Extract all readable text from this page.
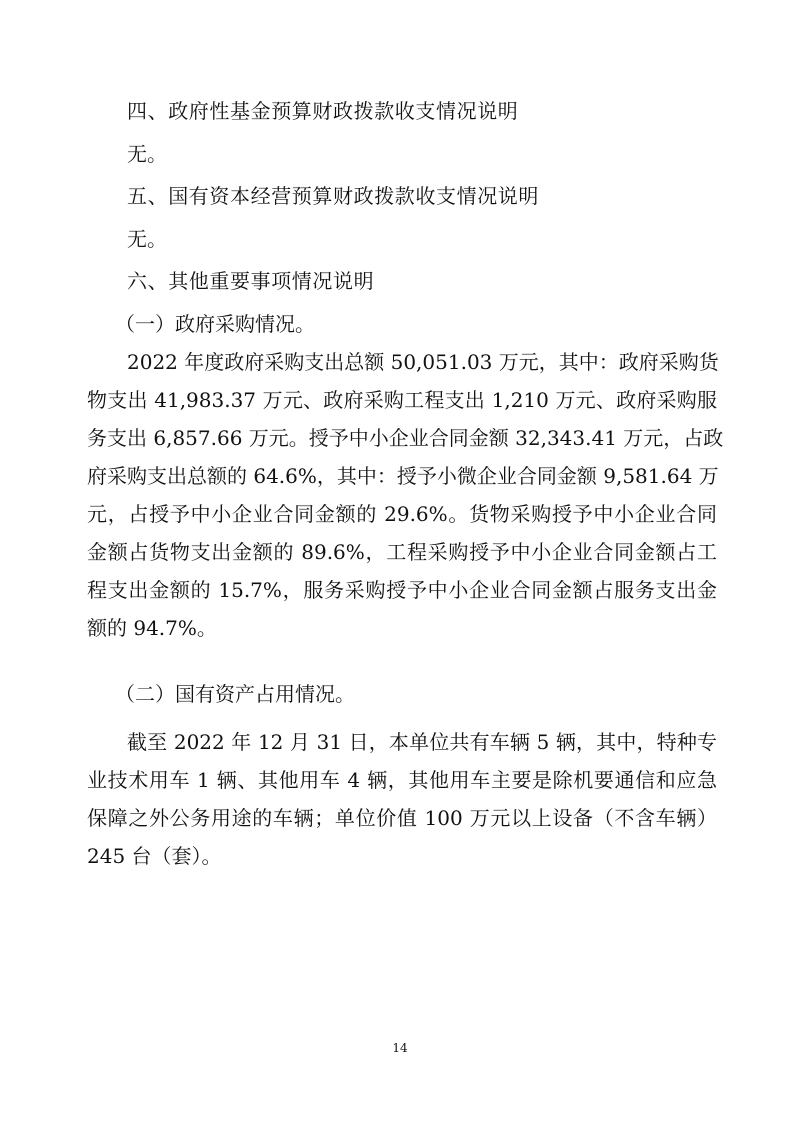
四、政府性基金预算财政拨款收支情况说明

无。

五、国有资本经营预算财政拨款收支情况说明

无。

六、其他重要事项情况说明

（一）政府采购情况。

2022 年度政府采购支出总额 50,051.03 万元，其中：政府采购货

物支出 41,983.37 万元、政府采购工程支出 1,210 万元、政府采购服

务支出 6,857.66 万元。授予中小企业合同金额 32,343.41 万元，占政

府采购支出总额的 64.6%，其中：授予小微企业合同金额 9,581.64 万

元，占授予中小企业合同金额的 29.6%。货物采购授予中小企业合同

金额占货物支出金额的 89.6%，工程采购授予中小企业合同金额占工

程支出金额的 15.7%，服务采购授予中小企业合同金额占服务支出金

额的 94.7%。

（二）国有资产占用情况。

截至 2022 年 12 月 31 日，本单位共有车辆 5 辆，其中，特种专

业技术用车 1 辆、其他用车 4 辆，其他用车主要是除机要通信和应急

保障之外公务用途的车辆；单位价值 100 万元以上设备（不含车辆）

245 台（套）。

14
